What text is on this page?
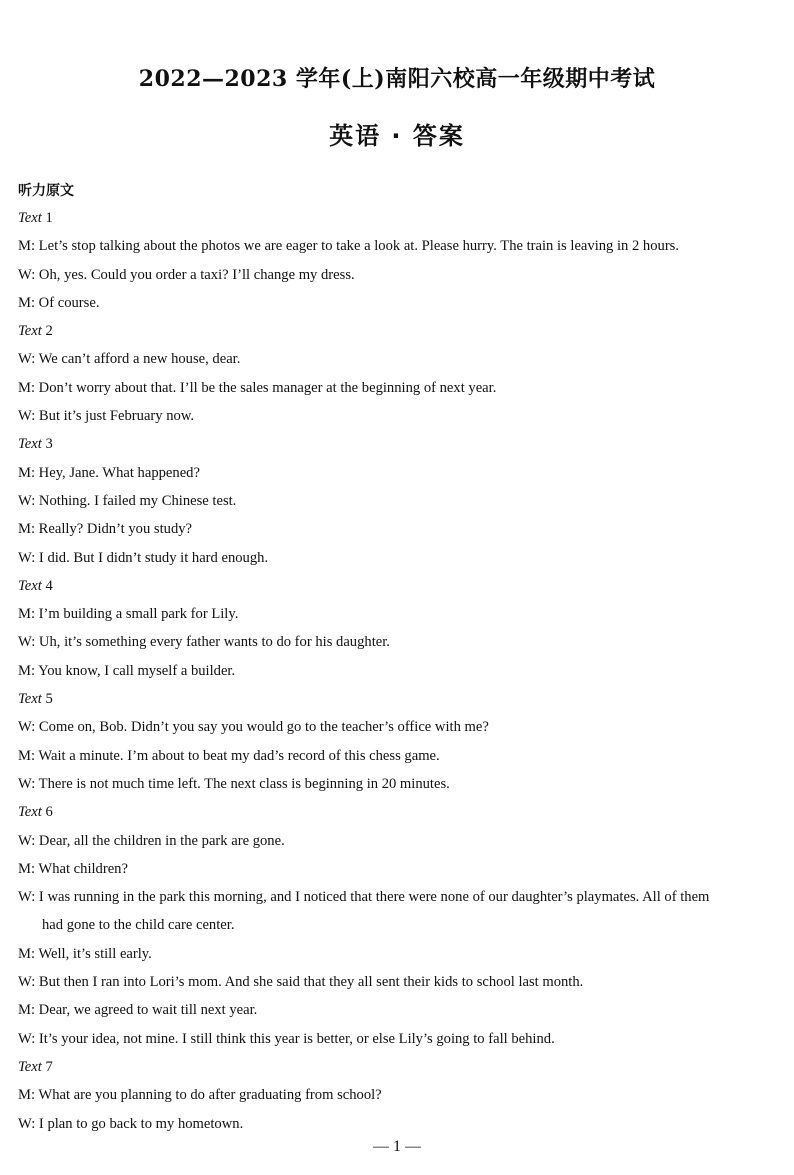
2022—2023 学年(上)南阳六校高一年级期中考试
英语 · 答案
听力原文
Text 1
M: Let’s stop talking about the photos we are eager to take a look at. Please hurry. The train is leaving in 2 hours.
W: Oh, yes. Could you order a taxi? I’ll change my dress.
M: Of course.
Text 2
W: We can’t afford a new house, dear.
M: Don’t worry about that. I’ll be the sales manager at the beginning of next year.
W: But it’s just February now.
Text 3
M: Hey, Jane. What happened?
W: Nothing. I failed my Chinese test.
M: Really? Didn’t you study?
W: I did. But I didn’t study it hard enough.
Text 4
M: I’m building a small park for Lily.
W: Uh, it’s something every father wants to do for his daughter.
M: You know, I call myself a builder.
Text 5
W: Come on, Bob. Didn’t you say you would go to the teacher’s office with me?
M: Wait a minute. I’m about to beat my dad’s record of this chess game.
W: There is not much time left. The next class is beginning in 20 minutes.
Text 6
W: Dear, all the children in the park are gone.
M: What children?
W: I was running in the park this morning, and I noticed that there were none of our daughter’s playmates. All of them
had gone to the child care center.
M: Well, it’s still early.
W: But then I ran into Lori’s mom. And she said that they all sent their kids to school last month.
M: Dear, we agreed to wait till next year.
W: It’s your idea, not mine. I still think this year is better, or else Lily’s going to fall behind.
Text 7
M: What are you planning to do after graduating from school?
W: I plan to go back to my hometown.
— 1 —
